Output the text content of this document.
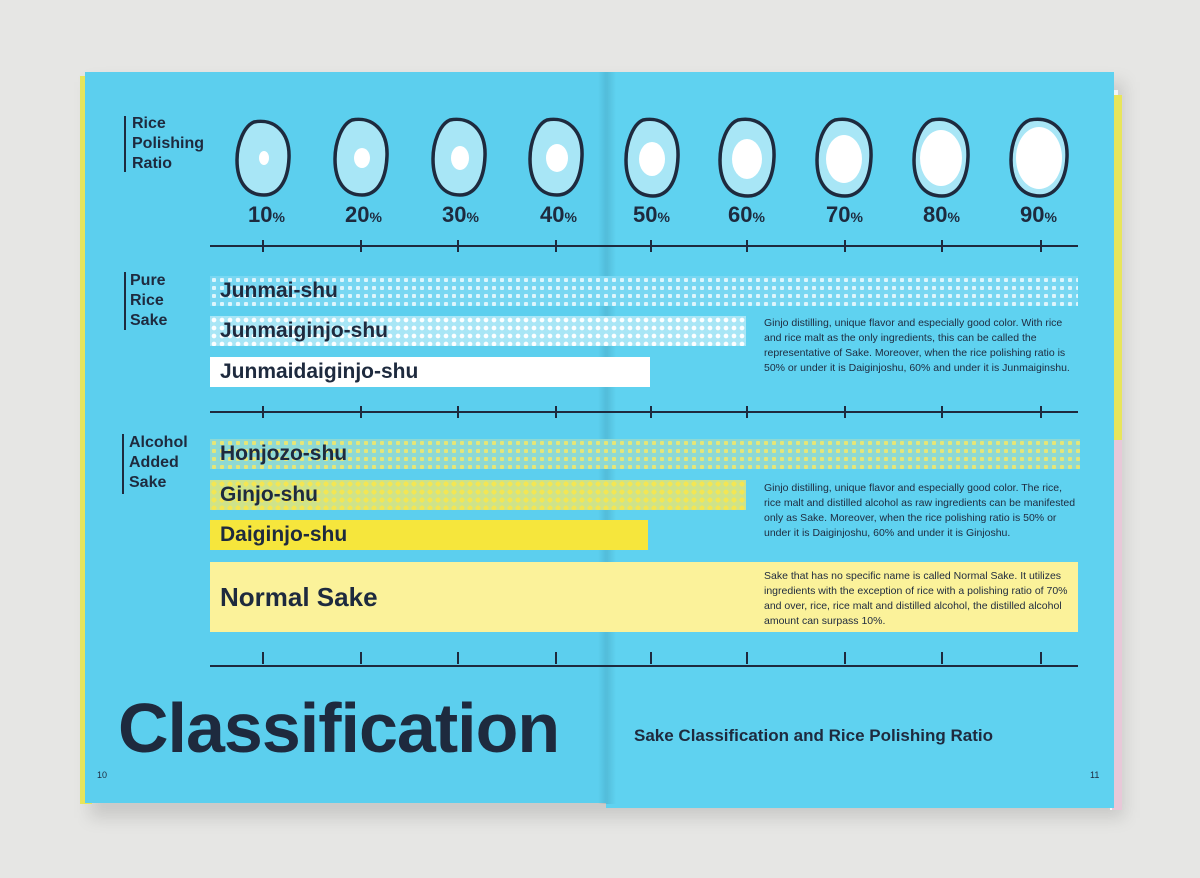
Rice
Polishing
Ratio
Pure
Rice
Sake
Alcohol
Added
Sake
10%	20%	30%	40%	50%	60%	70%	80%	90%
Junmai-shu
Junmaiginjo-shu
Junmaidaiginjo-shu
Ginjo distilling, unique flavor and especially good color. With rice and rice malt as the only ingredients, this can be called the representative of Sake. Moreover, when the rice polishing ratio is 50% or under it is Daiginjoshu, 60% and under it is Junmaiginshu.
Honjozo-shu
Ginjo-shu
Daiginjo-shu
Ginjo distilling, unique flavor and especially good color. The rice, rice malt and distilled alcohol as raw ingredients can be manifested only as Sake. Moreover, when the rice polishing ratio is 50% or under it is Daiginjoshu, 60% and under it is Ginjoshu.
Normal Sake
Sake that has no specific name is called Normal Sake. It utilizes ingredients with the exception of rice with a polishing ratio of 70% and over, rice, rice malt and distilled alcohol, the distilled alcohol amount can surpass 10%.
Classification	Sake Classification and Rice Polishing Ratio
10	11
